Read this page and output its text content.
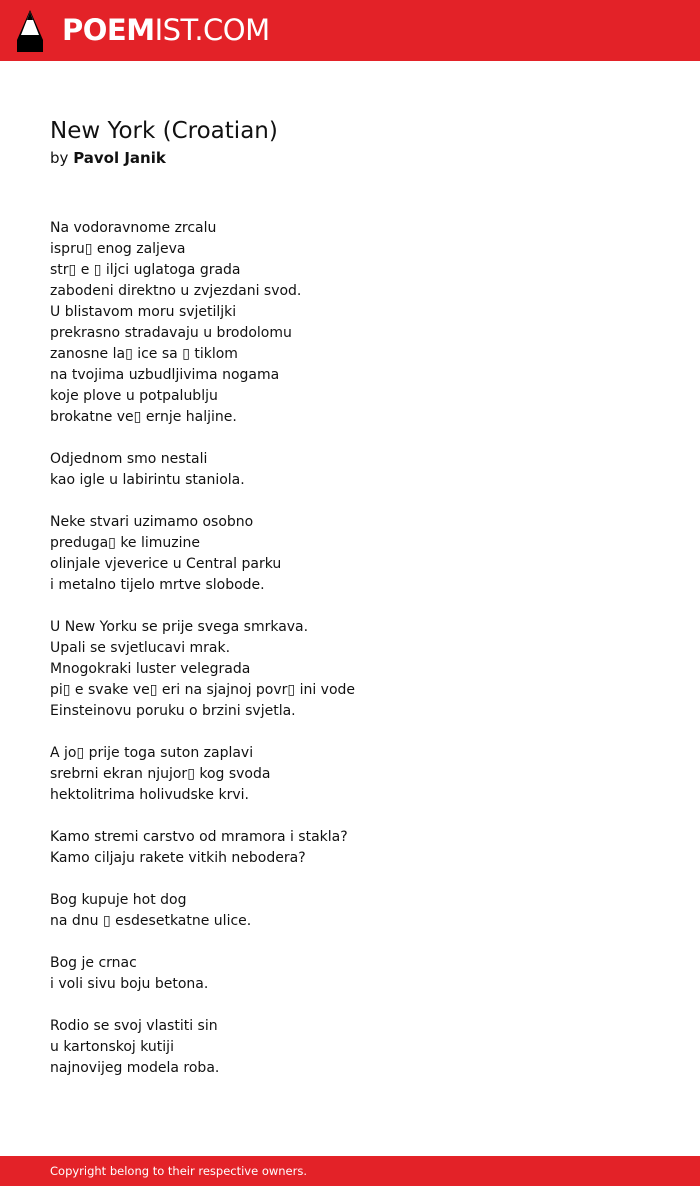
POEMIST.COM
New York (Croatian)
by Pavol Janik
Na vodoravnome zrcalu
ispru▯ enog zaljeva
str▯ e ▯ iljci uglatoga grada
zabodeni direktno u zvjezdani svod.
U blistavom moru svjetiljki
prekrasno stradavaju u brodolomu
zanosne la▯ ice sa ▯ tiklom
na tvojima uzbudljivima nogama
koje plove u potpalublju
brokatne ve▯ ernje haljine.
Odjednom smo nestali
kao igle u labirintu staniola.
Neke stvari uzimamo osobno
preduga▯ ke limuzine
olinjale vjeverice u Central parku
i metalno tijelo mrtve slobode.
U New Yorku se prije svega smrkava.
Upali se svjetlucavi mrak.
Mnogokraki luster velegrada
pi▯ e svake ve▯ eri na sjajnoj povr▯ ini vode
Einsteinovu poruku o brzini svjetla.
A jo▯ prije toga suton zaplavi
srebrni ekran njujor▯ kog svoda
hektolitrima holivudske krvi.
Kamo stremi carstvo od mramora i stakla?
Kamo ciljaju rakete vitkih nebodera?
Bog kupuje hot dog
na dnu ▯ esdesetkatne ulice.
Bog je crnac
i voli sivu boju betona.
Rodio se svoj vlastiti sin
u kartonskoj kutiji
najnovijeg modela roba.
Copyright belong to their respective owners.
